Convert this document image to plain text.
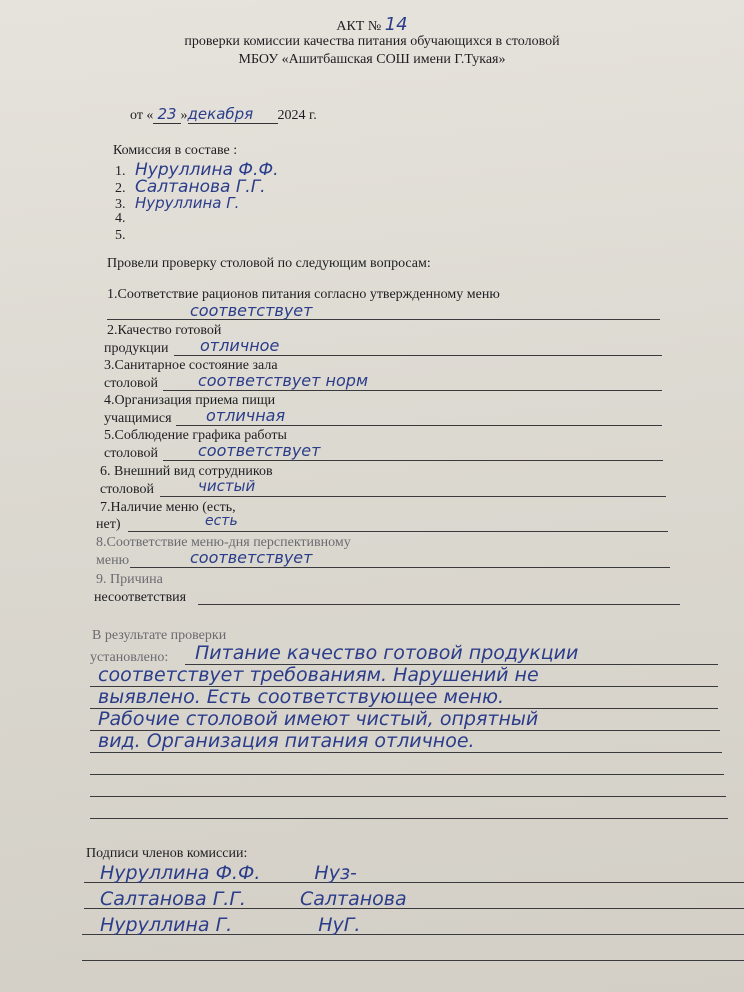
АКТ № 14
проверки комиссии качества питания обучающихся в столовой
МБОУ «Ашитбашская СОШ имени Г.Тукая»
от « 23 »декабря 2024 г.
Комиссия в составе :
1. Нуруллина Ф.Ф.
2. Салтанова Г.Г.
3. Нуруллина Г.
4.
5.
Провели проверку столовой по следующим вопросам:
1.Соответствие рационов питания согласно утвержденному меню
соответствует
2.Качество готовой
продукции отличное
3.Санитарное состояние зала
столовой	соответствует норм
4.Организация приема пищи
учащимися отличная
5.Соблюдение графика работы
столовой	соответствует
6. Внешний вид сотрудников
столовой	чистый
7.Наличие меню (есть,
нет)	есть
8.Соответствие меню-дня перспективному
меню	соответствует
9. Причина
несоответствия
В результате проверки
установлено: Питание качество готовой продукции
соответствует требованиям. Нарушений не
выявлено. Есть соответствующее меню.
Рабочие столовой имеют чистый, опрятный
вид. Организация питания отличное.
Подписи членов комиссии:
Нуруллина Ф.Ф.	Нуз-
Салтанова Г.Г.	Салтанова
Нуруллина Г.	НуГ.
